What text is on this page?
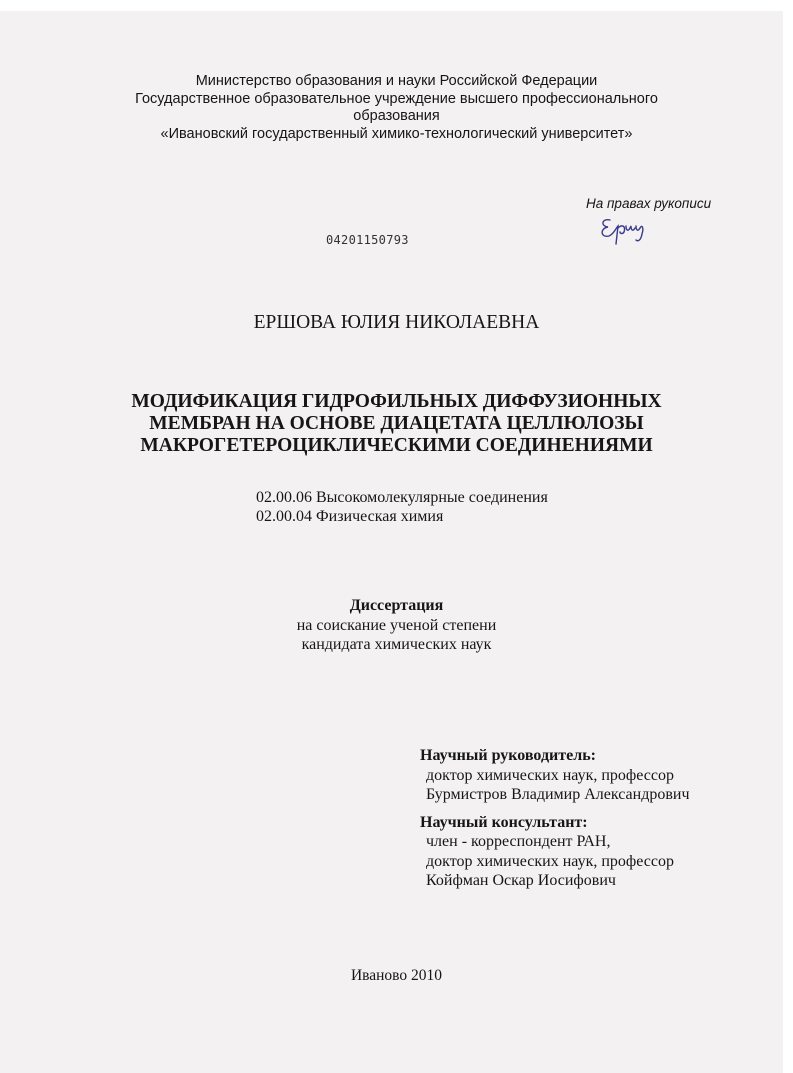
Министерство образования и науки Российской Федерации
Государственное образовательное учреждение высшего профессионального
образования
«Ивановский государственный химико-технологический университет»
На правах рукописи
04201150793
ЕРШОВА ЮЛИЯ НИКОЛАЕВНА
МОДИФИКАЦИЯ ГИДРОФИЛЬНЫХ ДИФФУЗИОННЫХ
МЕМБРАН НА ОСНОВЕ ДИАЦЕТАТА ЦЕЛЛЮЛОЗЫ
МАКРОГЕТЕРОЦИКЛИЧЕСКИМИ СОЕДИНЕНИЯМИ
02.00.06 Высокомолекулярные соединения
02.00.04 Физическая химия
Диссертация
на соискание ученой степени
кандидата химических наук
Научный руководитель:
доктор химических наук, профессор
Бурмистров Владимир Александрович
Научный консультант:
член - корреспондент РАН,
доктор химических наук, профессор
Койфман Оскар Иосифович
Иваново 2010
